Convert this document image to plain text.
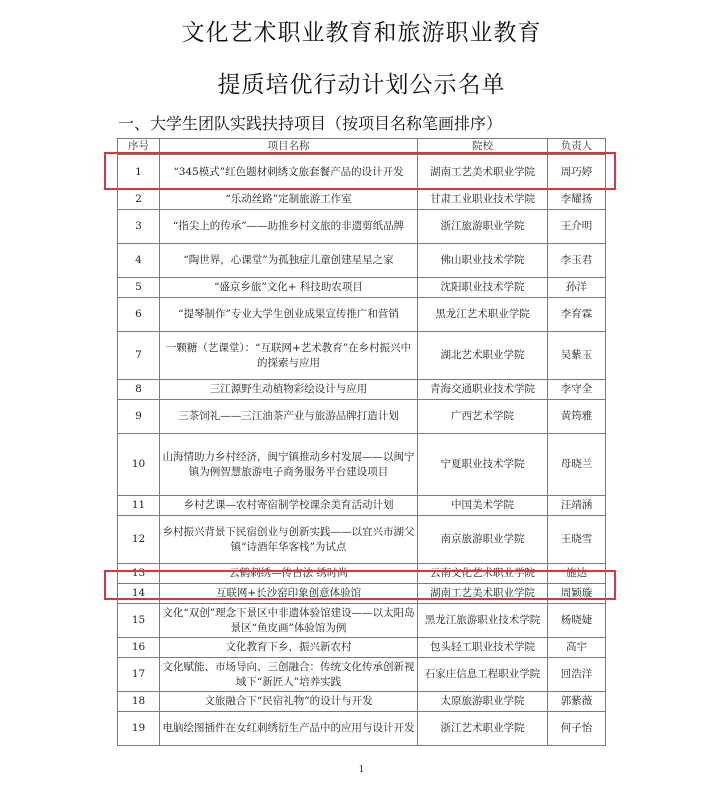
文化艺术职业教育和旅游职业教育
提质培优行动计划公示名单
一、大学生团队实践扶持项目（按项目名称笔画排序）
序号	项目名称	院校	负责人
1	“345模式”红色题材刺绣文旅套餐产品的设计开发	湖南工艺美术职业学院	周巧婷
2	“乐动丝路”定制旅游工作室	甘肃工业职业技术学院	李耀扬
3	“指尖上的传承”——助推乡村文旅的非遗剪纸品牌	浙江旅游职业学院	王介明
4	“陶世界，心课堂”为孤独症儿童创建星星之家	佛山职业技术学院	李玉君
5	“盛京乡旅”文化+ 科技助农项目	沈阳职业技术学院	孙洋
6	“提琴制作”专业大学生创业成果宣传推广和营销	黑龙江艺术职业学院	李育霖
7	一颗糖（艺课堂）：“互联网+艺术教育”在乡村振兴中的探索与应用	湖北艺术职业学院	吴紫玉
8	三江源野生动植物彩绘设计与应用	青海交通职业技术学院	李守全
9	三茶饲礼——三江油茶产业与旅游品牌打造计划	广西艺术学院	黄筠雅
10	山海情助力乡村经济，闽宁镇推动乡村发展——以闽宁镇为例智慧旅游电子商务服务平台建设项目	宁夏职业技术学院	母晓兰
11	乡村艺课—农村寄宿制学校课余美育活动计划	中国美术学院	汪靖涵
12	乡村振兴背景下民宿创业与创新实践——以宜兴市湖父镇“诗酒年华客栈”为试点	南京旅游职业学院	王晓雪
13	云鹤刺绣—传古法 绣时尚	云南文化艺术职业学院	施达
14	互联网+长沙窑印象创意体验馆	湖南工艺美术职业学院	周颖璇
15	文化“双创”理念下景区中非遗体验馆建设——以太阳岛景区“鱼皮画”体验馆为例	黑龙江旅游职业技术学院	杨晓婕
16	文化教育下乡，振兴新农村	包头轻工职业技术学院	高宇
17	文化赋能、市场导向、三创融合：传统文化传承创新视域下“新匠人”培养实践	石家庄信息工程职业学院	回浩洋
18	文旅融合下“民宿礼物”的设计与开发	太原旅游职业学院	郭紫薇
19	电脑绘图插件在女红刺绣衍生产品中的应用与设计开发	浙江艺术职业学院	何子怡
1
